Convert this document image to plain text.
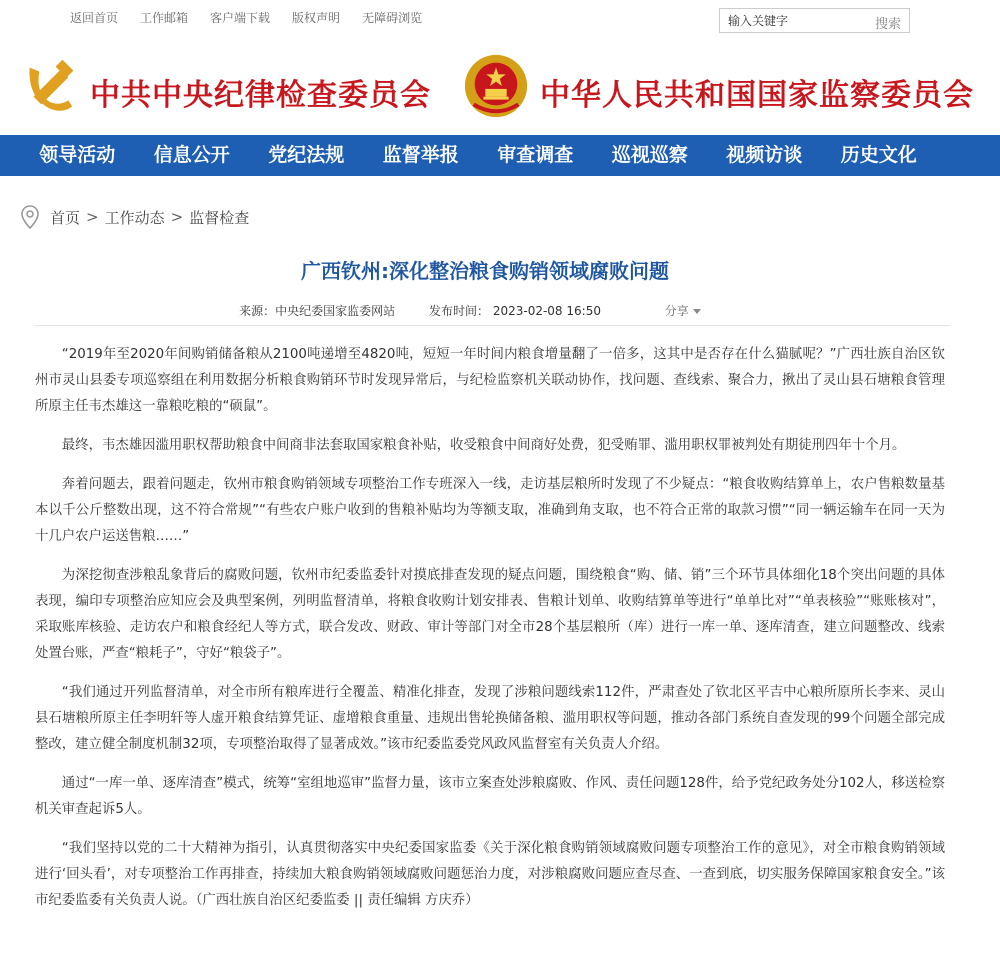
返回首页 工作邮箱 客户端下载 版权声明 无障碍浏览
输入关键字	搜索
中共中央纪律检查委员会	中华人民共和国国家监察委员会
领导活动	信息公开	党纪法规	监督举报	审查调查	巡视巡察	视频访谈	历史文化
首页 > 工作动态 > 监督检查
广西钦州:深化整治粮食购销领域腐败问题
来源：中央纪委国家监委网站	发布时间： 2023-02-08 16:50	分享

“2019年至2020年间购销储备粮从2100吨递增至4820吨，短短一年时间内粮食增量翻了一倍多，这其中是否存在什么猫腻呢？”广西壮族自治区钦州市灵山县委专项巡察组在利用数据分析粮食购销环节时发现异常后，与纪检监察机关联动协作，找问题、查线索、聚合力，揪出了灵山县石塘粮食管理所原主任韦杰雄这一靠粮吃粮的“硕鼠”。

最终，韦杰雄因滥用职权帮助粮食中间商非法套取国家粮食补贴，收受粮食中间商好处费，犯受贿罪、滥用职权罪被判处有期徒刑四年十个月。

奔着问题去，跟着问题走，钦州市粮食购销领域专项整治工作专班深入一线，走访基层粮所时发现了不少疑点：“粮食收购结算单上，农户售粮数量基本以千公斤整数出现，这不符合常规”“有些农户账户收到的售粮补贴均为等额支取，准确到角支取，也不符合正常的取款习惯”“同一辆运输车在同一天为十几户农户运送售粮……”

为深挖彻查涉粮乱象背后的腐败问题，钦州市纪委监委针对摸底排查发现的疑点问题，围绕粮食“购、储、销”三个环节具体细化18个突出问题的具体表现，编印专项整治应知应会及典型案例，列明监督清单，将粮食收购计划安排表、售粮计划单、收购结算单等进行“单单比对”“单表核验”“账账核对”，采取账库核验、走访农户和粮食经纪人等方式，联合发改、财政、审计等部门对全市28个基层粮所（库）进行一库一单、逐库清查，建立问题整改、线索处置台账，严查“粮耗子”，守好“粮袋子”。

“我们通过开列监督清单，对全市所有粮库进行全覆盖、精准化排查，发现了涉粮问题线索112件，严肃查处了钦北区平吉中心粮所原所长李来、灵山县石塘粮所原主任李明轩等人虚开粮食结算凭证、虚增粮食重量、违规出售轮换储备粮、滥用职权等问题，推动各部门系统自查发现的99个问题全部完成整改，建立健全制度机制32项，专项整治取得了显著成效。”该市纪委监委党风政风监督室有关负责人介绍。

通过“一库一单、逐库清查”模式，统筹“室组地巡审”监督力量，该市立案查处涉粮腐败、作风、责任问题128件，给予党纪政务处分102人，移送检察机关审查起诉5人。

“我们坚持以党的二十大精神为指引，认真贯彻落实中央纪委国家监委《关于深化粮食购销领域腐败问题专项整治工作的意见》，对全市粮食购销领域进行‘回头看’，对专项整治工作再排查，持续加大粮食购销领域腐败问题惩治力度，对涉粮腐败问题应查尽查、一查到底，切实服务保障国家粮食安全。”该市纪委监委有关负责人说。（广西壮族自治区纪委监委 || 责任编辑 方庆乔）
